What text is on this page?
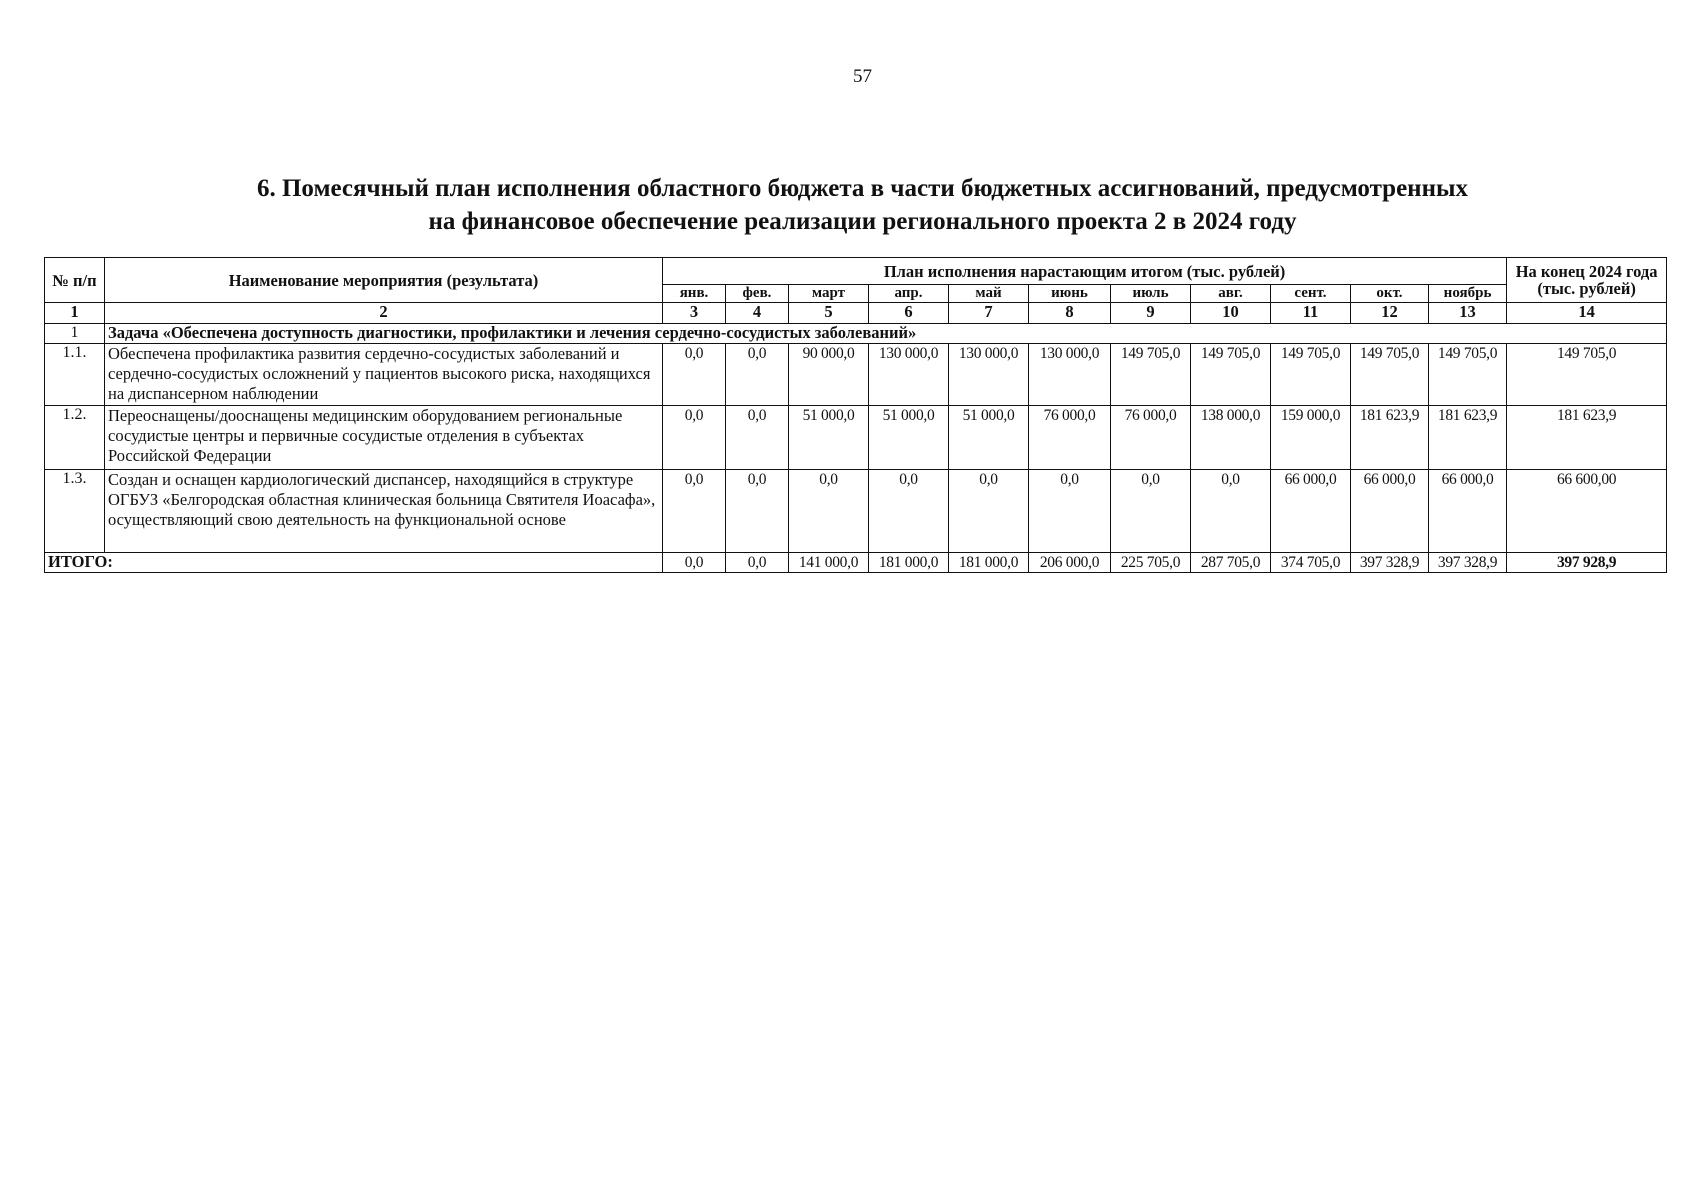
57
6. Помесячный план исполнения областного бюджета в части бюджетных ассигнований, предусмотренных
на финансовое обеспечение реализации регионального проекта 2 в 2024 году
№ п/п	Наименование мероприятия (результата)	План исполнения нарастающим итогом (тыс. рублей)											На конец 2024 года (тыс. рублей)
		янв.	фев.	март	апр.	май	июнь	июль	авг.	сент.	окт.	ноябрь	
1	2	3	4	5	6	7	8	9	10	11	12	13	14
1	Задача «Обеспечена доступность диагностики, профилактики и лечения сердечно-сосудистых заболеваний»												
1.1.	Обеспечена профилактика развития сердечно-сосудистых заболеваний и сердечно-сосудистых осложнений у пациентов высокого риска, находящихся на диспансерном наблюдении	0,0	0,0	90 000,0	130 000,0	130 000,0	130 000,0	149 705,0	149 705,0	149 705,0	149 705,0	149 705,0	149 705,0
1.2.	Переоснащены/дооснащены медицинским оборудованием региональные сосудистые центры и первичные сосудистые отделения в субъектах Российской Федерации	0,0	0,0	51 000,0	51 000,0	51 000,0	76 000,0	76 000,0	138 000,0	159 000,0	181 623,9	181 623,9	181 623,9
1.3.	Создан и оснащен кардиологический диспансер, находящийся в структуре ОГБУЗ «Белгородская областная клиническая больница Святителя Иоасафа», осуществляющий свою деятельность на функциональной основе	0,0	0,0	0,0	0,0	0,0	0,0	0,0	0,0	66 000,0	66 000,0	66 000,0	66 600,00
ИТОГО:		0,0	0,0	141 000,0	181 000,0	181 000,0	206 000,0	225 705,0	287 705,0	374 705,0	397 328,9	397 328,9	397 928,9
